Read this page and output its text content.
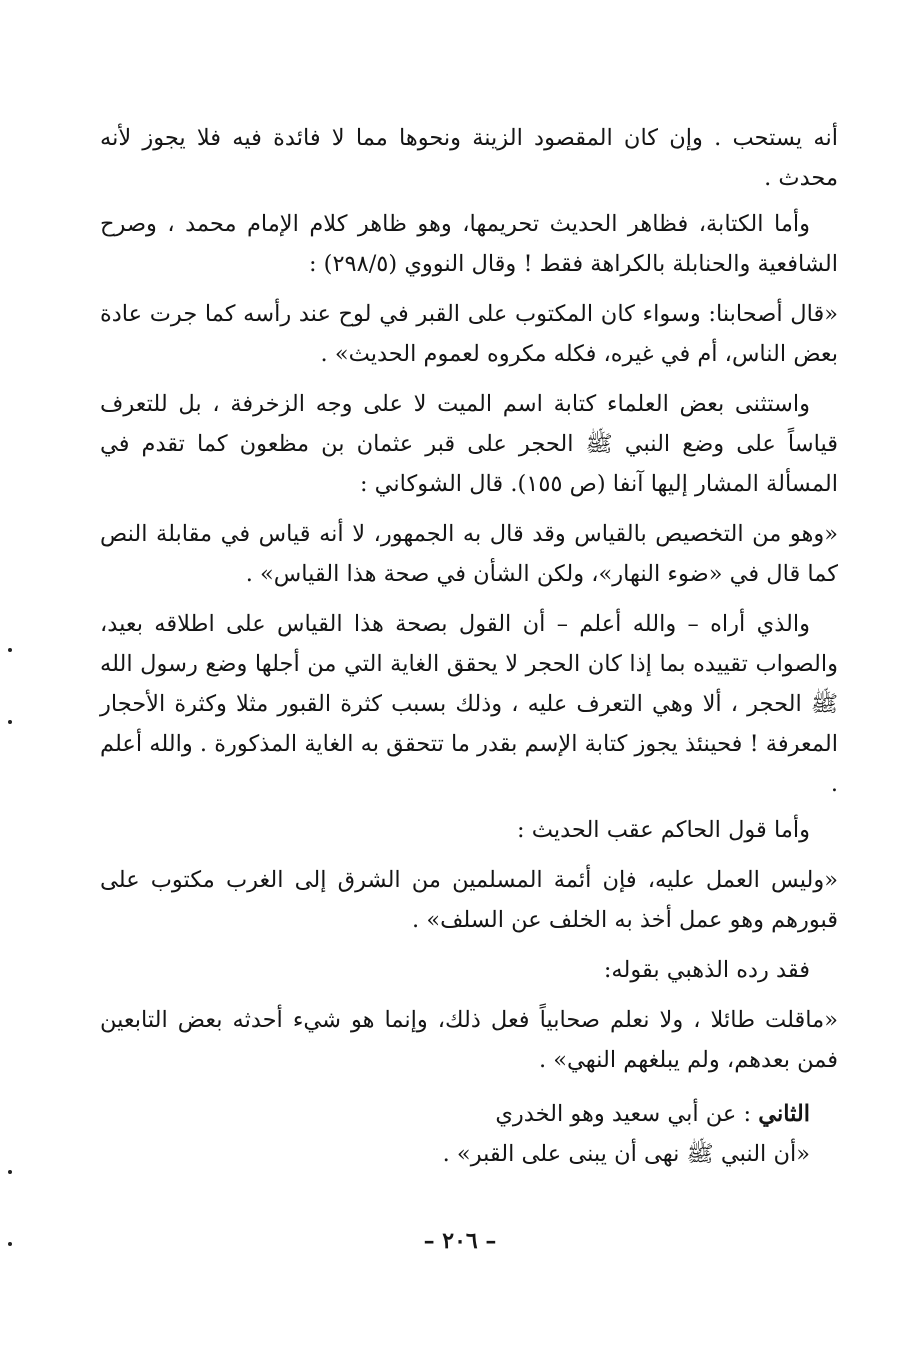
أنه يستحب . وإن كان المقصود الزينة ونحوها مما لا فائدة فيه فلا يجوز لأنه محدث .

وأما الكتابة، فظاهر الحديث تحريمها، وهو ظاهر كلام الإمام محمد ، وصرح الشافعية والحنابلة بالكراهة فقط ! وقال النووي (٢٩٨/٥) :

«قال أصحابنا: وسواء كان المكتوب على القبر في لوح عند رأسه كما جرت عادة بعض الناس، أم في غيره، فكله مكروه لعموم الحديث» .

واستثنى بعض العلماء كتابة اسم الميت لا على وجه الزخرفة ، بل للتعرف قياساً على وضع النبي ﷺ الحجر على قبر عثمان بن مظعون كما تقدم في المسألة المشار إليها آنفا (ص ١٥٥). قال الشوكاني :

«وهو من التخصيص بالقياس وقد قال به الجمهور، لا أنه قياس في مقابلة النص كما قال في «ضوء النهار»، ولكن الشأن في صحة هذا القياس» .

والذي أراه – والله أعلم – أن القول بصحة هذا القياس على اطلاقه بعيد، والصواب تقييده بما إذا كان الحجر لا يحقق الغاية التي من أجلها وضع رسول الله ﷺ الحجر ، ألا وهي التعرف عليه ، وذلك بسبب كثرة القبور مثلا وكثرة الأحجار المعرفة ! فحينئذ يجوز كتابة الإسم بقدر ما تتحقق به الغاية المذكورة . والله أعلم .

وأما قول الحاكم عقب الحديث :

«وليس العمل عليه، فإن أئمة المسلمين من الشرق إلى الغرب مكتوب على قبورهم وهو عمل أخذ به الخلف عن السلف» .

فقد رده الذهبي بقوله:

«ماقلت طائلا ، ولا نعلم صحابياً فعل ذلك، وإنما هو شيء أحدثه بعض التابعين فمن بعدهم، ولم يبلغهم النهي» .

الثاني : عن أبي سعيد وهو الخدري

«أن النبي ﷺ نهى أن يبنى على القبر» .

– ٢٠٦ –
